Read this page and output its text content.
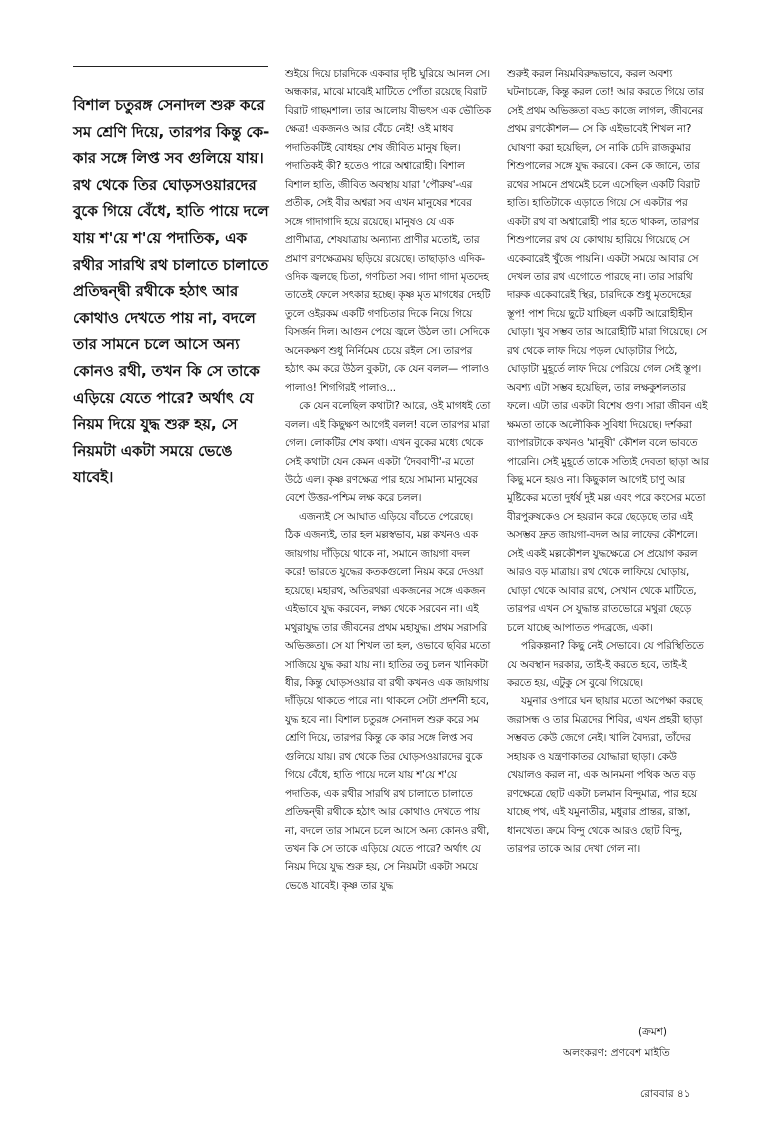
বিশাল চতুরঙ্গ সেনাদল শুরু করে সম শ্রেণি দিয়ে, তারপর কিন্তু কে-কার সঙ্গে লিপ্ত সব গুলিয়ে যায়। রথ থেকে তির ঘোড়সওয়ারদের বুকে গিয়ে বেঁধে, হাতি পায়ে দলে যায় শ'য়ে শ'য়ে পদাতিক, এক রথীর সারথি রথ চালাতে চালাতে প্রতিদ্বন্দ্বী রথীকে হঠাৎ আর কোথাও দেখতে পায় না, বদলে তার সামনে চলে আসে অন্য কোনও রথী, তখন কি সে তাকে এড়িয়ে যেতে পারে? অর্থাৎ যে নিয়ম দিয়ে যুদ্ধ শুরু হয়, সে নিয়মটা একটা সময়ে ভেঙে যাবেই।

শুইয়ে দিয়ে চারদিকে একবার দৃষ্টি ঘুরিয়ে আনল সে। অন্ধকার, মাঝে মাঝেই মাটিতে পোঁতা রয়েছে বিরাট বিরাট গাছমশাল। তার আলোয় বীভৎস এক ভৌতিক ক্ষেত্র! একজনও আর বেঁচে নেই! ওই মাধব পদাতিকটিই বোধহয় শেষ জীবিত মানুষ ছিল। পদাতিকই কী? হতেও পারে অশ্বারোহী। বিশাল বিশাল হাতি, জীবিত অবস্থায় যারা 'পৌরুষ'-এর প্রতীক, সেই বীর অশ্বরা সব এখন মানুষের শবের সঙ্গে গাদাগাদি হয়ে রয়েছে। মানুষও যে এক প্রাণীমাত্র, শেষযাত্রায় অন্যান্য প্রাণীর মতোই, তার প্রমাণ রণক্ষেত্রময় ছড়িয়ে রয়েছে। তাছাড়াও এদিক-ওদিক জ্বলছে চিতা, গণচিতা সব। গাদা গাদা মৃতদেহ তাতেই ফেলে সৎকার হচ্ছে। কৃষ্ণ মৃত মাগধের দেহটি তুলে ওইরকম একটি গণচিতার দিকে নিয়ে গিয়ে বিসর্জন দিল। আগুন পেয়ে জ্বলে উঠল তা। সেদিকে অনেকক্ষণ শুধু নির্নিমেষ চেয়ে রইল সে। তারপর হঠাৎ কম করে উঠল বুকটা, কে যেন বলল— পালাও পালাও! শিগগিরই পালাও...

কে যেন বলেছিল কথাটা? আরে, ওই মাগধই তো বলল। এই কিছুক্ষণ আগেই বলল! বলে তারপর মারা গেল। লোকটির শেষ কথা। এখন বুকের মধ্যে থেকে সেই কথাটা যেন কেমন একটা 'দৈববাণী'-র মতো উঠে এল। কৃষ্ণ রণক্ষেত্র পার হয়ে সামান্য মানুষের বেশে উত্তর-পশ্চিম লক্ষ করে চলল।

এজন্যই সে আঘাত এড়িয়ে বাঁচতে পেরেছে। ঠিক এজন্যই, তার হল মল্লস্বভাব, মল্ল কখনও এক জায়গায় দাঁড়িয়ে থাকে না, সমানে জায়গা বদল করে! ভারতে যুদ্ধের কতকগুলো নিয়ম করে দেওয়া হয়েছে। মহারথ, অতিরথরা একজনের সঙ্গে একজন এইভাবে যুদ্ধ করবেন, লক্ষ্য থেকে সরবেন না। এই মথুরাযুদ্ধ তার জীবনের প্রথম মহাযুদ্ধ। প্রথম সরাসরি অভিজ্ঞতা। সে যা শিখল তা হল, ওভাবে ছবির মতো সাজিয়ে যুদ্ধ করা যায় না। হাতির তবু চলন খানিকটা ধীর, কিন্তু ঘোড়সওয়ার বা রথী কখনও এক জায়গায় দাঁড়িয়ে থাকতে পারে না। থাকলে সেটা প্রদর্শনী হবে, যুদ্ধ হবে না। বিশাল চতুরঙ্গ সেনাদল শুরু করে সম শ্রেণি দিয়ে, তারপর কিন্তু কে কার সঙ্গে লিপ্ত সব গুলিয়ে যায়। রথ থেকে তির ঘোড়সওয়ারদের বুকে গিয়ে বেঁধে, হাতি পায়ে দলে যায় শ'য়ে শ'য়ে পদাতিক, এক রথীর সারথি রথ চালাতে চালাতে প্রতিদ্বন্দ্বী রথীকে হঠাৎ আর কোথাও দেখতে পায় না, বদলে তার সামনে চলে আসে অন্য কোনও রথী, তখন কি সে তাকে এড়িয়ে যেতে পারে? অর্থাৎ যে নিয়ম দিয়ে যুদ্ধ শুরু হয়, সে নিয়মটা একটা সময়ে ভেঙে যাবেই। কৃষ্ণ তার যুদ্ধ

শুরুই করল নিয়মবিরুদ্ধভাবে, করল অবশ্য ঘটনাচক্রে, কিন্তু করল তো! আর করতে গিয়ে তার সেই প্রথম অভিজ্ঞতা বড্ড কাজে লাগল, জীবনের প্রথম রণকৌশল— সে কি এইভাবেই শিখল না? ঘোষণা করা হয়েছিল, সে নাকি চেদি রাজকুমার শিশুপালের সঙ্গে যুদ্ধ করবে। কেন কে জানে, তার রথের সামনে প্রথমেই চলে এসেছিল একটি বিরাট হাতি। হাতিটাকে এড়াতে গিয়ে সে একটার পর একটা রথ বা অশ্বারোহী পার হতে থাকল, তারপর শিশুপালের রথ যে কোথায় হারিয়ে গিয়েছে সে একেবারেই খুঁজে পায়নি। একটা সময়ে আবার সে দেখল তার রথ এগোতে পারছে না। তার সারথি দারুক একেবারেই স্থির, চারদিকে শুধু মৃতদেহের স্তূপ! পাশ দিয়ে ছুটে যাচ্ছিল একটি আরোহীহীন ঘোড়া। খুব সম্ভব তার আরোহীটি মারা গিয়েছে। সে রথ থেকে লাফ দিয়ে পড়ল ঘোড়াটার পিঠে, ঘোড়াটা মুহূর্তে লাফ দিয়ে পেরিয়ে গেল সেই স্তূপ। অবশ্য এটা সম্ভব হয়েছিল, তার লক্ষকুশলতার ফলে। এটা তার একটা বিশেষ গুণ। সারা জীবন এই ক্ষমতা তাকে অলৌকিক সুবিধা দিয়েছে। দর্শকরা ব্যাপারটাকে কখনও 'মানুষী' কৌশল বলে ভাবতে পারেনি। সেই মুহূর্তে তাকে সত্যিই দেবতা ছাড়া আর কিছু মনে হয়ও না। কিছুকাল আগেই চাণু আর মুষ্টিকের মতো দুর্ধর্ষ দুই মল্ল এবং পরে কংসের মতো বীরপুরুষকেও সে হয়রান করে ছেড়েছে তার এই অসম্ভব দ্রুত জায়গা-বদল আর লাফের কৌশলে। সেই একই মল্লকৌশল যুদ্ধক্ষেত্রে সে প্রয়োগ করল আরও বড় মাত্রায়। রথ থেকে লাফিয়ে ঘোড়ায়, ঘোড়া থেকে আবার রথে, সেখান থেকে মাটিতে, তারপর এখন সে যুদ্ধান্ত রাতভোরে মথুরা ছেড়ে চলে যাচ্ছে আপাতত পদব্রজে, একা।

পরিকল্পনা? কিছু নেই সেভাবে। যে পরিস্থিতিতে যে অবস্থান দরকার, তাই-ই করতে হবে, তাই-ই করতে হয়, এটুকু সে বুঝে গিয়েছে।

যমুনার ওপারে ঘন ছায়ার মতো অপেক্ষা করছে জরাসন্ধ ও তার মিত্রদের শিবির, এখন প্রহরী ছাড়া সম্ভবত কেউ জেগে নেই। খালি বৈদ্যরা, তাঁদের সহায়ক ও যন্ত্রণাকাতর যোদ্ধারা ছাড়া। কেউ খেয়ালও করল না, এক আনমনা পথিক অত বড় রণক্ষেত্রে ছোট একটা চলমান বিন্দুমাত্র, পার হয়ে যাচ্ছে পথ, এই যমুনাতীর, মধুরার প্রান্তর, রাস্তা, ধানখেত। ক্রমে বিন্দু থেকে আরও ছোট বিন্দু, তারপর তাকে আর দেখা গেল না।

(ক্রমশ)
অলংকরণ: প্রণবেশ মাইতি
রোববার ৪১
